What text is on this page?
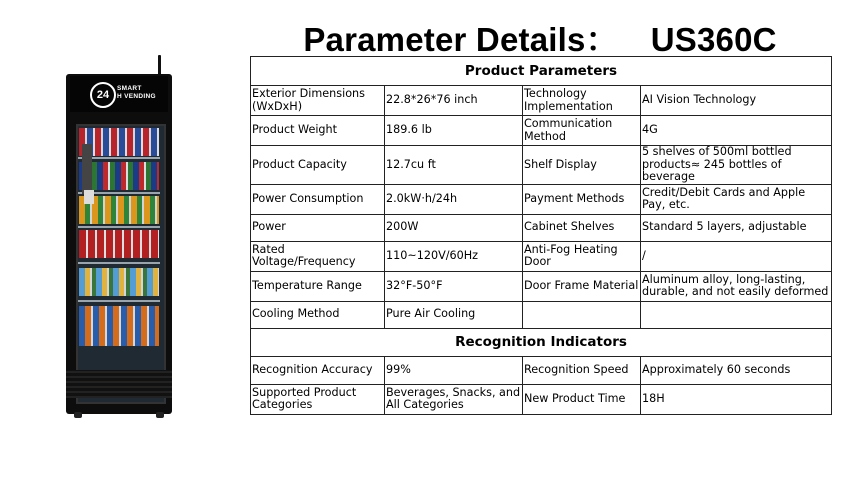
Parameter Details： US360C
24
SMART
H VENDING
Product Parameters			
Exterior Dimensions (WxDxH)	22.8*26*76 inch	Technology Implementation	AI Vision Technology
Product Weight	189.6 lb	Communication Method	4G
Product Capacity	12.7cu ft	Shelf Display	5 shelves of 500ml bottled products≈ 245 bottles of beverage
Power Consumption	2.0kW·h/24h	Payment Methods	Credit/Debit Cards and Apple Pay, etc.
Power	200W	Cabinet Shelves	Standard 5 layers, adjustable
Rated Voltage/Frequency	110~120V/60Hz	Anti-Fog Heating Door	/
Temperature Range	32°F-50°F	Door Frame Material	Aluminum alloy, long-lasting, durable, and not easily deformed
Cooling Method	Pure Air Cooling		
Recognition Indicators			
Recognition Accuracy	99%	Recognition Speed	Approximately 60 seconds
Supported Product Categories	Beverages, Snacks, and All Categories	New Product Time	18H
